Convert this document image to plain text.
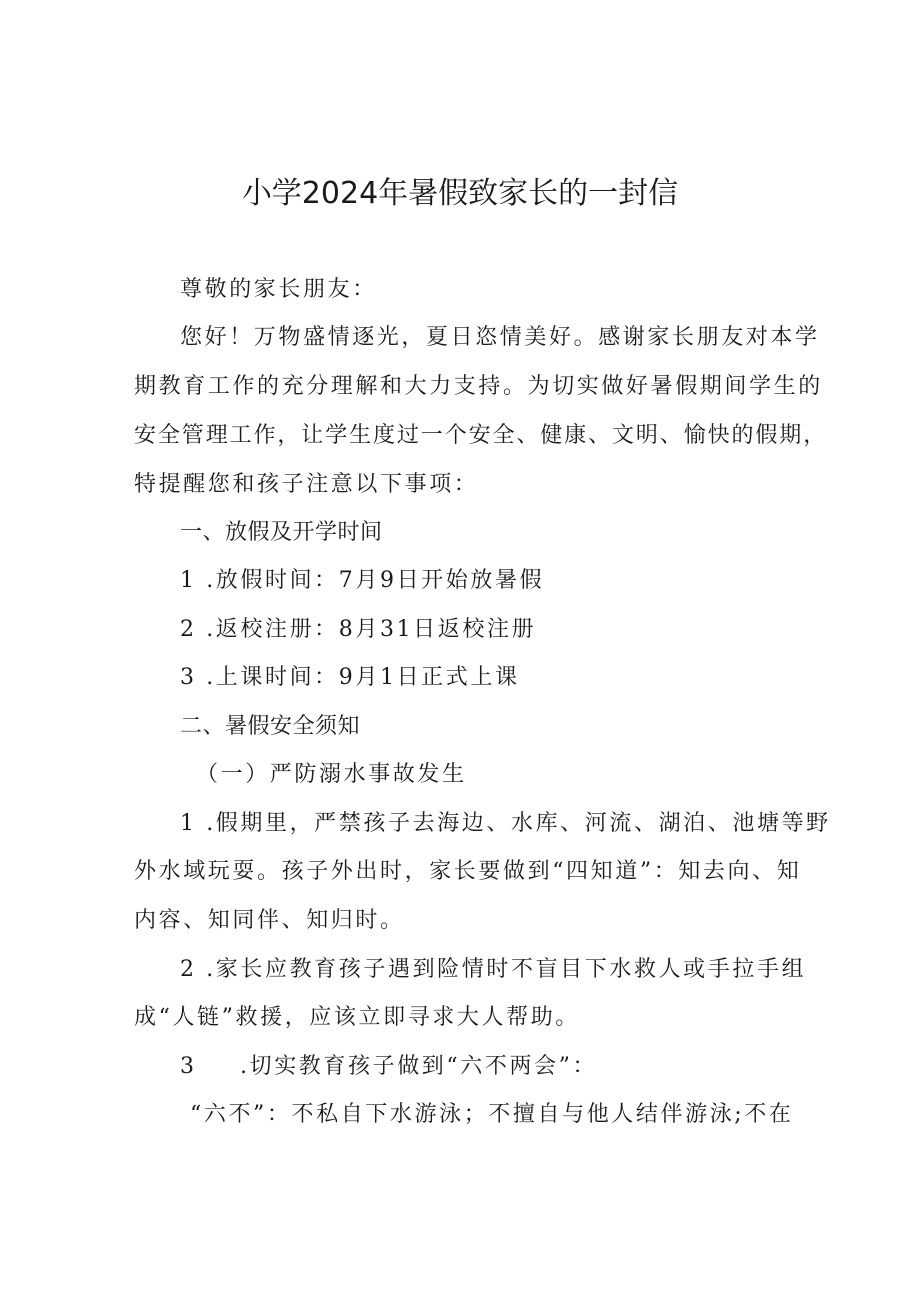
小学2024年暑假致家长的一封信
尊敬的家长朋友：
您好！万物盛情逐光，夏日恣情美好。感谢家长朋友对本学
期教育工作的充分理解和大力支持。为切实做好暑假期间学生的
安全管理工作，让学生度过一个安全、健康、文明、愉快的假期，
特提醒您和孩子注意以下事项：
一、放假及开学时间
1 .放假时间：7月9日开始放暑假
2 .返校注册：8月31日返校注册
3 .上课时间：9月1日正式上课
二、暑假安全须知
（一）严防溺水事故发生
1 .假期里，严禁孩子去海边、水库、河流、湖泊、池塘等野
外水域玩耍。孩子外出时，家长要做到“四知道”：知去向、知
内容、知同伴、知归时。
2 .家长应教育孩子遇到险情时不盲目下水救人或手拉手组
成“人链”救援，应该立即寻求大人帮助。
3 .切实教育孩子做到“六不两会”：
“六不”：不私自下水游泳；不擅自与他人结伴游泳;不在
